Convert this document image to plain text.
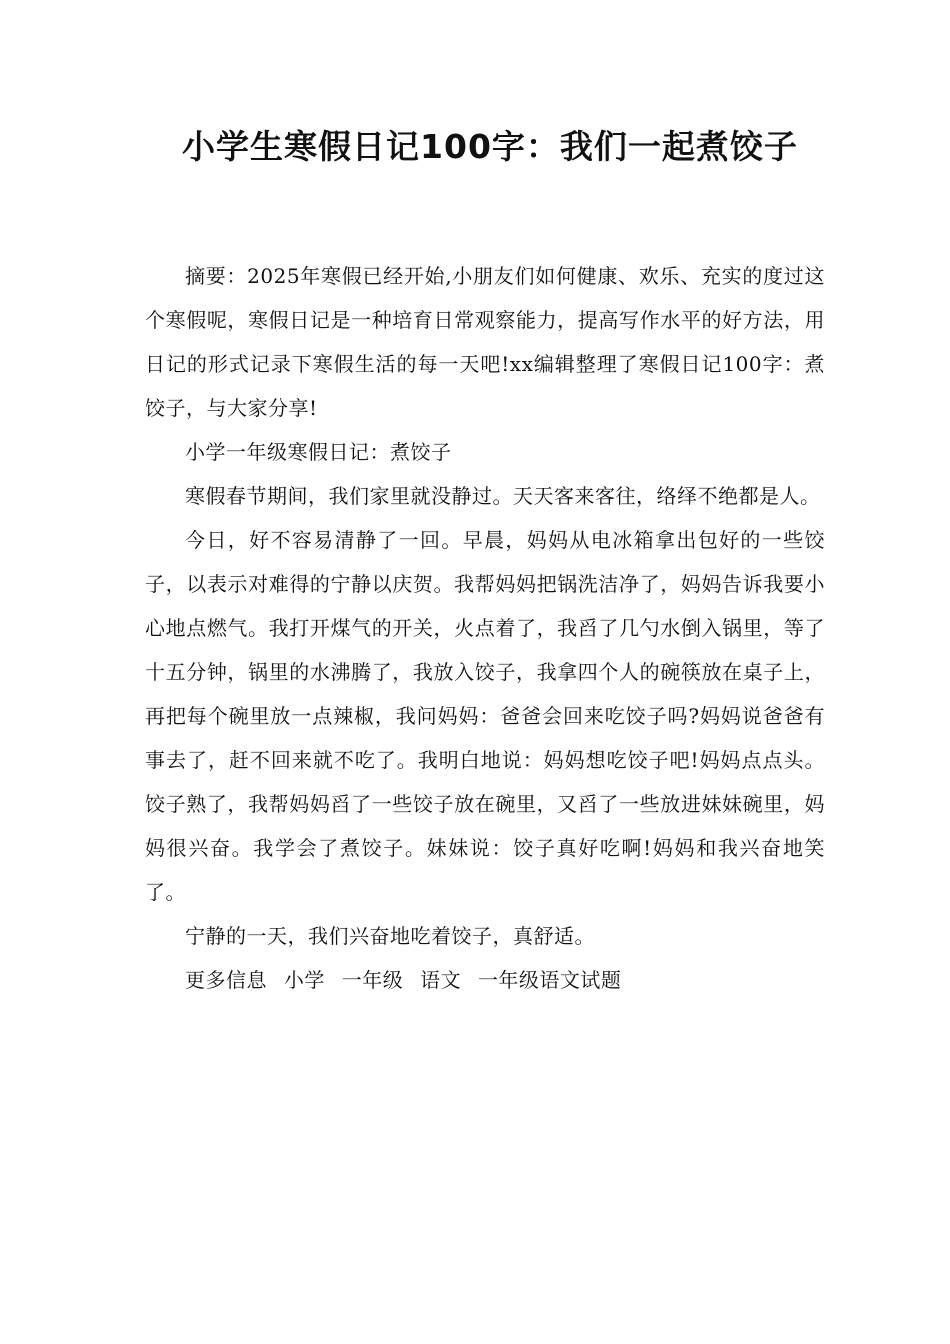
小学生寒假日记100字：我们一起煮饺子

摘要：2025年寒假已经开始,小朋友们如何健康、欢乐、充实的度过这个寒假呢，寒假日记是一种培育日常观察能力，提高写作水平的好方法，用日记的形式记录下寒假生活的每一天吧!xx编辑整理了寒假日记100字：煮饺子，与大家分享!

小学一年级寒假日记：煮饺子

寒假春节期间，我们家里就没静过。天天客来客往，络绎不绝都是人。

今日，好不容易清静了一回。早晨，妈妈从电冰箱拿出包好的一些饺子，以表示对难得的宁静以庆贺。我帮妈妈把锅洗洁净了，妈妈告诉我要小心地点燃气。我打开煤气的开关，火点着了，我舀了几勺水倒入锅里，等了十五分钟，锅里的水沸腾了，我放入饺子，我拿四个人的碗筷放在桌子上，再把每个碗里放一点辣椒，我问妈妈：爸爸会回来吃饺子吗?妈妈说爸爸有事去了，赶不回来就不吃了。我明白地说：妈妈想吃饺子吧!妈妈点点头。饺子熟了，我帮妈妈舀了一些饺子放在碗里，又舀了一些放进妹妹碗里，妈妈很兴奋。我学会了煮饺子。妹妹说：饺子真好吃啊!妈妈和我兴奋地笑了。

宁静的一天，我们兴奋地吃着饺子，真舒适。

更多信息 小学 一年级 语文 一年级语文试题
